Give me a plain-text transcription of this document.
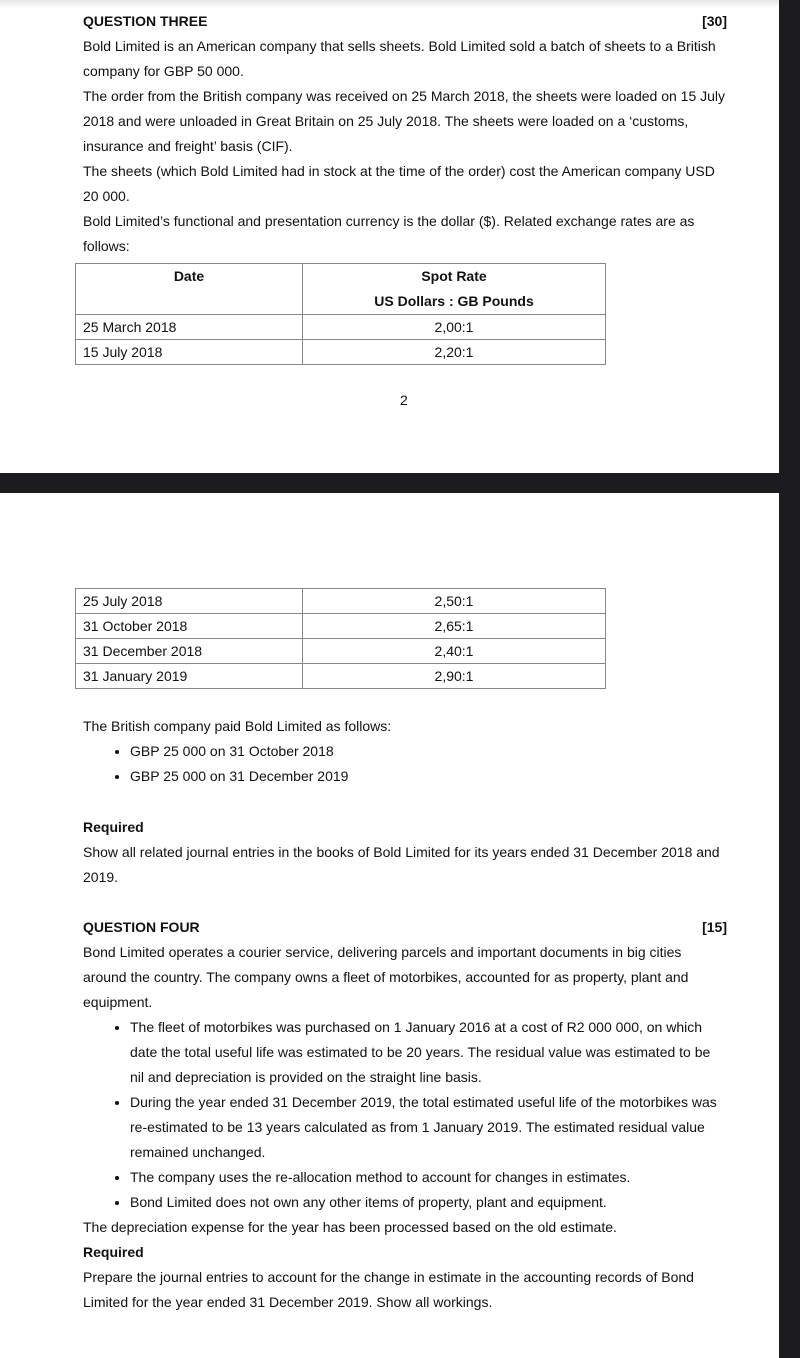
QUESTION THREE	[30]
Bold Limited is an American company that sells sheets. Bold Limited sold a batch of sheets to a British company for GBP 50 000.
The order from the British company was received on 25 March 2018, the sheets were loaded on 15 July 2018 and were unloaded in Great Britain on 25 July 2018. The sheets were loaded on a ‘customs, insurance and freight’ basis (CIF).
The sheets (which Bold Limited had in stock at the time of the order) cost the American company USD 20 000.
Bold Limited’s functional and presentation currency is the dollar ($). Related exchange rates are as follows:
Date	Spot Rate
US Dollars : GB Pounds

25 March 2018	2,00:1
15 July 2018	2,20:1
2
25 July 2018	2,50:1
31 October 2018	2,65:1
31 December 2018	2,40:1
31 January 2019	2,90:1
The British company paid Bold Limited as follows:
• GBP 25 000 on 31 October 2018
• GBP 25 000 on 31 December 2019
Required
Show all related journal entries in the books of Bold Limited for its years ended 31 December 2018 and 2019.
QUESTION FOUR	[15]
Bond Limited operates a courier service, delivering parcels and important documents in big cities around the country. The company owns a fleet of motorbikes, accounted for as property, plant and equipment.
• The fleet of motorbikes was purchased on 1 January 2016 at a cost of R2 000 000, on which date the total useful life was estimated to be 20 years. The residual value was estimated to be nil and depreciation is provided on the straight line basis.
• During the year ended 31 December 2019, the total estimated useful life of the motorbikes was re-estimated to be 13 years calculated as from 1 January 2019. The estimated residual value remained unchanged.
• The company uses the re-allocation method to account for changes in estimates.
• Bond Limited does not own any other items of property, plant and equipment.
The depreciation expense for the year has been processed based on the old estimate.
Required
Prepare the journal entries to account for the change in estimate in the accounting records of Bond Limited for the year ended 31 December 2019. Show all workings.
